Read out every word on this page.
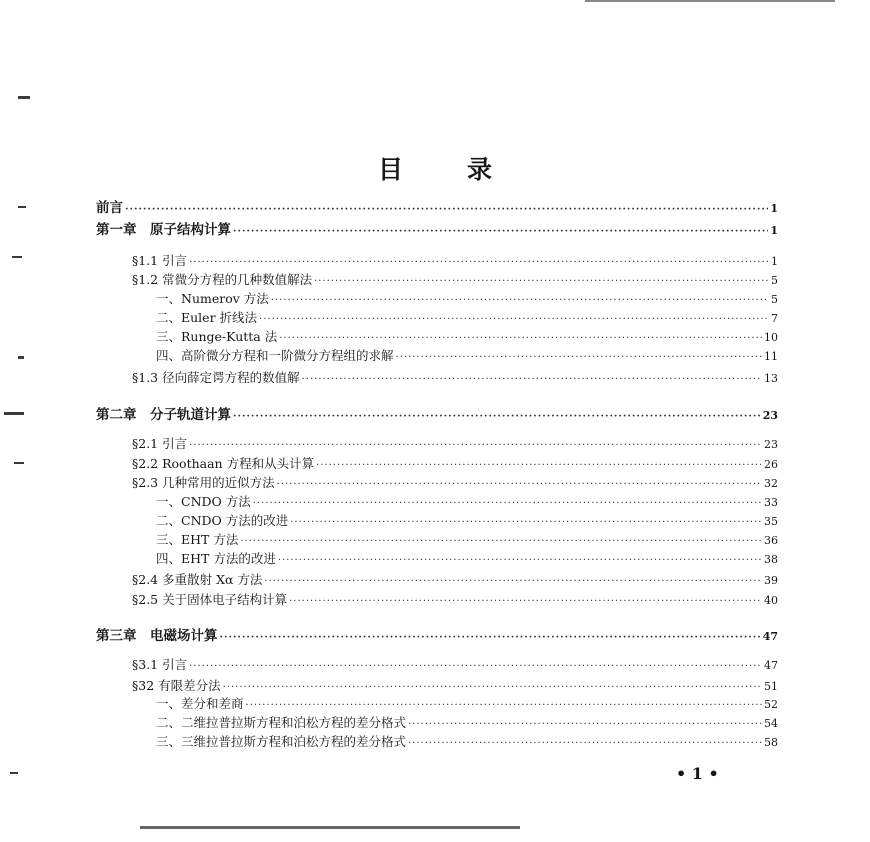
目	录
前言 ·····	1
第一章　原子结构计算 ·····	1
§1.1 引言 ·····	1
§1.2 常微分方程的几种数值解法 ·····	5
一、Numerov 方法 ·····	5
二、Euler 折线法 ·····	7
三、Runge-Kutta 法 ·····	10
四、高阶微分方程和一阶微分方程组的求解 ·····	11
§1.3 径向薛定谔方程的数值解 ·····	13
第二章　分子轨道计算 ·····	23
§2.1 引言 ·····	23
§2.2 Roothaan 方程和从头计算 ·····	26
§2.3 几种常用的近似方法 ·····	32
一、CNDO 方法 ·····	33
二、CNDO 方法的改进 ·····	35
三、EHT 方法 ·····	36
四、EHT 方法的改进 ·····	38
§2.4 多重散射 Xα 方法 ·····	39
§2.5 关于固体电子结构计算 ·····	40
第三章　电磁场计算 ·····	47
§3.1 引言 ·····	47
§32 有限差分法 ·····	51
一、差分和差商 ·····	52
二、二维拉普拉斯方程和泊松方程的差分格式 ·····	54
三、三维拉普拉斯方程和泊松方程的差分格式 ·····	58
• 1 •
